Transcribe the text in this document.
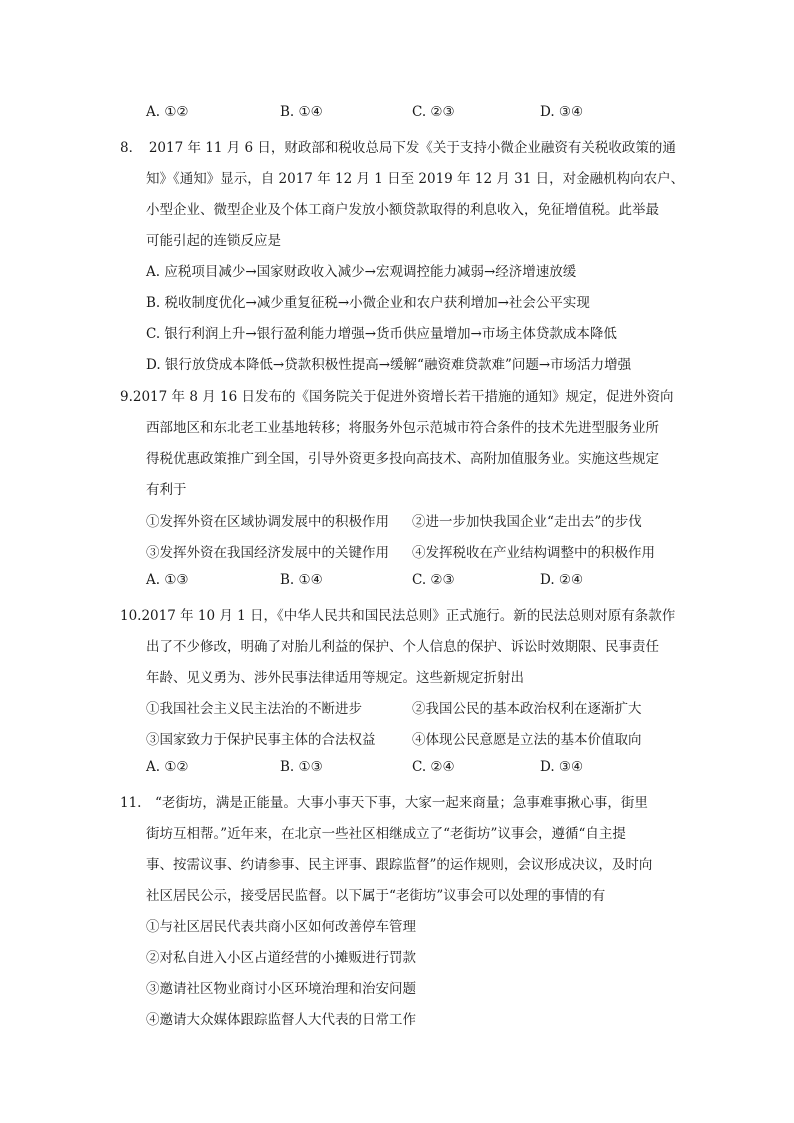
A. ①②	B. ①④	C. ②③	D. ③④
8．　2017 年 11 月 6 日，财政部和税收总局下发《关于支持小微企业融资有关税收政策的通
知》《通知》显示，自 2017 年 12 月 1 日至 2019 年 12 月 31 日，对金融机构向农户、
小型企业、微型企业及个体工商户发放小额贷款取得的利息收入，免征增值税。此举最
可能引起的连锁反应是
A. 应税项目减少→国家财政收入减少→宏观调控能力减弱→经济增速放缓
B. 税收制度优化→减少重复征税→小微企业和农户获利增加→社会公平实现
C. 银行利润上升→银行盈利能力增强→货币供应量增加→市场主体贷款成本降低
D. 银行放贷成本降低→贷款积极性提高→缓解“融资难贷款难”问题→市场活力增强
9.2017 年 8 月 16 日发布的《国务院关于促进外资增长若干措施的通知》规定，促进外资向
西部地区和东北老工业基地转移；将服务外包示范城市符合条件的技术先进型服务业所
得税优惠政策推广到全国，引导外资更多投向高技术、高附加值服务业。实施这些规定
有利于
①发挥外资在区域协调发展中的积极作用 ②进一步加快我国企业“走出去”的步伐
③发挥外资在我国经济发展中的关键作用 ④发挥税收在产业结构调整中的积极作用
A. ①③	B. ①④	C. ②③	D. ②④
10.2017 年 10 月 1 日，《中华人民共和国民法总则》正式施行。新的民法总则对原有条款作
出了不少修改，明确了对胎儿利益的保护、个人信息的保护、诉讼时效期限、民事责任
年龄、见义勇为、涉外民事法律适用等规定。这些新规定折射出
①我国社会主义民主法治的不断进步	②我国公民的基本政治权利在逐渐扩大
③国家致力于保护民事主体的合法权益	④体现公民意愿是立法的基本价值取向
A. ①②	B. ①③	C. ②④	D. ③④
11.　“老街坊，满是正能量。大事小事天下事，大家一起来商量；急事难事揪心事，街里
街坊互相帮。”近年来，在北京一些社区相继成立了“老街坊”议事会，遵循“自主提
事、按需议事、约请参事、民主评事、跟踪监督”的运作规则，会议形成决议，及时向
社区居民公示，接受居民监督。以下属于“老街坊”议事会可以处理的事情的有
①与社区居民代表共商小区如何改善停车管理
②对私自进入小区占道经营的小摊贩进行罚款
③邀请社区物业商讨小区环境治理和治安问题
④邀请大众媒体跟踪监督人大代表的日常工作
